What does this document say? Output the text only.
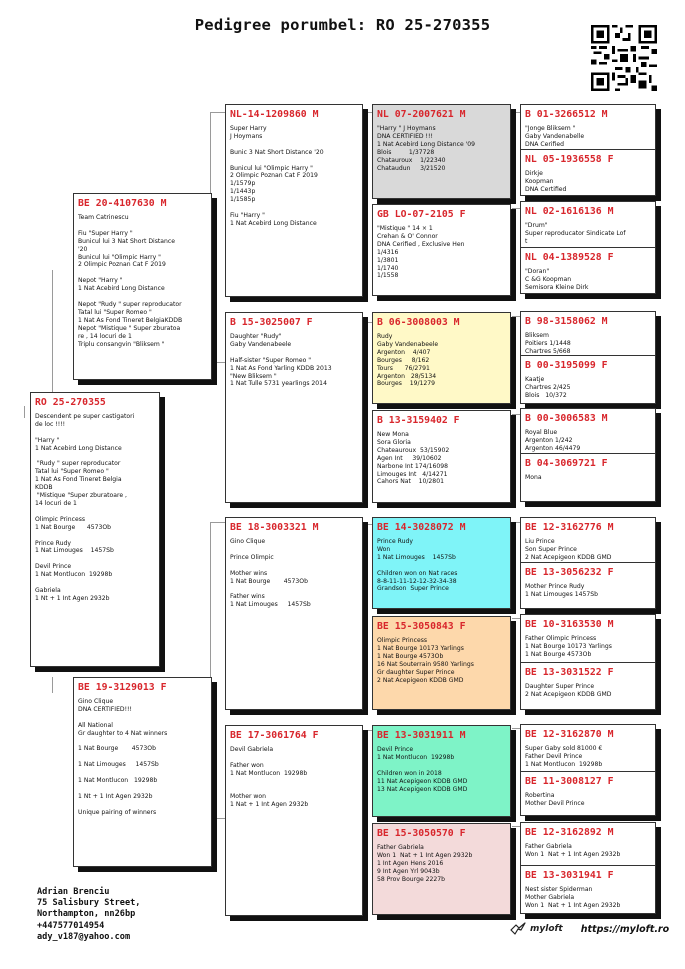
Pedigree porumbel: RO 25-270355
RO 25-270355
Descendent pe super castigatori
de loc !!!!

"Harry "
1 Nat Acebird Long Distance

"Rudy " super reproducator
Tatal lui "Super Romeo "
1 Nat As Fond Tineret Belgia
KDDB
"Mistique "Super zburatoare ,
14 locuri de 1

Olimpic Princess
1 Nat Bourge      4573Ob

Prince Rudy
1 Nat Limouges    1457Sb

Devil Prince
1 Nat Montlucon  19298b

Gabriela
1 Nt + 1 Int Agen 2932b
BE 20-4107630 M
Team Catrinescu

Fiu "Super Harry "
Bunicul lui 3 Nat Short Distance
'20
Bunicul lui "Olimpic Harry "
2 Olimpic Poznan Cat F 2019

Nepot "Harry "
1 Nat Acebird Long Distance

Nepot "Rudy " super reproducator
Tatal lui "Super Romeo "
1 Nat As Fond Tineret BelgiaKDDB
Nepot "Mistique " Super zburatoa
re , 14 locuri de 1
Triplu consangvin "Bliksem "
BE 19-3129013 F
Gino Clique
DNA CERTIFIED!!!

All National
Gr daughter to 4 Nat winners

1 Nat Bourge       4573Ob

1 Nat Limouges     1457Sb

1 Nat Montlucon   19298b

1 Nt + 1 Int Agen 2932b

Unique pairing of winners
NL-14-1209860 M
Super Harry
J Hoymans

Bunic 3 Nat Short Distance '20

Bunicul lui "Olimpic Harry "
2 Olimpic Poznan Cat F 2019
1/1579p
1/1443p
1/1585p

Fiu "Harry "
1 Nat Acebird Long Distance
B 15-3025007 F
Daughter "Rudy"
Gaby Vandenabeele

Half-sister "Super Romeo "
1 Nat As Fond Yarling KDDB 2013
"New Bliksem "
1 Nat Tulle 5731 yearlings 2014
BE 18-3003321 M
Gino Clique

Prince Olimpic

Mother wins
1 Nat Bourge       4573Ob

Father wins
1 Nat Limouges     1457Sb
BE 17-3061764 F
Devil Gabriela

Father won
1 Nat Montlucon  19298b

Mother won
1 Nat + 1 Int Agen 2932b
NL 07-2007621 M
"Harry " J Hoymans
DNA CERTIFIED !!!
1 Nat Acebird Long Distance '09
Blois         1/37728
Chatauroux    1/22340
Chataudun     3/21520
GB LO-07-2105 F
"Mistique " 14 × 1
Crehan & O' Connor
DNA Cerified , Exclusive Hen
1/4316
1/3801
1/1740
1/1558
B 06-3008003 M
Rudy
Gaby Vandenabeele
Argenton    4/407
Bourges     8/162
Tours      76/2791
Argenton   28/5134
Bourges    19/1279
B 13-3159402 F
New Mona
Sora Gloria
Chateauroux  53/15902
Agen Int     39/10602
Narbone Int 174/16098
Limouges Int   4/14271
Cahors Nat    10/2801
BE 14-3028072 M
Prince Rudy
Won
1 Nat Limouges    1457Sb

Children won on Nat races
8-8-11-11-12-12-32-34-38
Grandson  Super Prince
BE 15-3050843 F
Olimpic Princess
1 Nat Bourge 10173 Yarlings
1 Nat Bourge 4573Ob
16 Nat Souterrain 9580 Yarlings
Gr daughter Super Prince
2 Nat Acepigeon KDDB GMD
BE 13-3031911 M
Devil Prince
1 Nat Montlucon  19298b

Children won in 2018
11 Nat Acepigeon KDDB GMD
13 Nat Acepigeon KDDB GMD
BE 15-3050570 F
Father Gabriela
Won 1  Nat + 1 Int Agen 2932b
1 Int Agen Hens 2016
9 Int Agen Yrl 9043b
58 Prov Bourge 2227b
B 01-3266512 M
"Jonge Bliksem "
Gaby Vandenabelle
DNA Cerified
NL 05-1936558 F
Dirkje
Koopman
DNA Certified
NL 02-1616136 M
"Drum"
Super reproducator Sindicate Lof
t
NL 04-1389528 F
"Doran"
C &G Koopman
Semisora Kleine Dirk
B 98-3158062 M
Bliksem
Poitiers 1/1448
Chartres 5/668
B 00-3195099 F
Kaatje
Chartres 2/425
Blois   10/372
B 00-3006583 M
Royal Blue
Argenton 1/242
Argenton 46/4479
B 04-3069721 F
Mona
BE 12-3162776 M
Liu Prince
Son Super Prince
2 Nat Acepigeon KDDB GMD
BE 13-3056232 F
Mother Prince Rudy
1 Nat Limouges 1457Sb
BE 10-3163530 M
Father Olimpic Princess
1 Nat Bourge 10173 Yarlings
1 Nat Bourge 4573Ob
BE 13-3031522 F
Daughter Super Prince
2 Nat Acepigeon KDDB GMD
BE 12-3162870 M
Super Gaby sold 81000 €
Father Devil Prince
1 Nat Montlucon  19298b
BE 11-3008127 F
Robertina
Mother Devil Prince
BE 12-3162892 M
Father Gabriela
Won 1  Nat + 1 Int Agen 2932b
BE 13-3031941 F
Nest sister Spiderman
Mother Gabriela
Won 1  Nat + 1 Int Agen 2932b
Adrian Brenciu
75 Salisbury Street,
Northampton, nn26bp
+447577014954
ady_v187@yahoo.com
myloft https://myloft.ro
